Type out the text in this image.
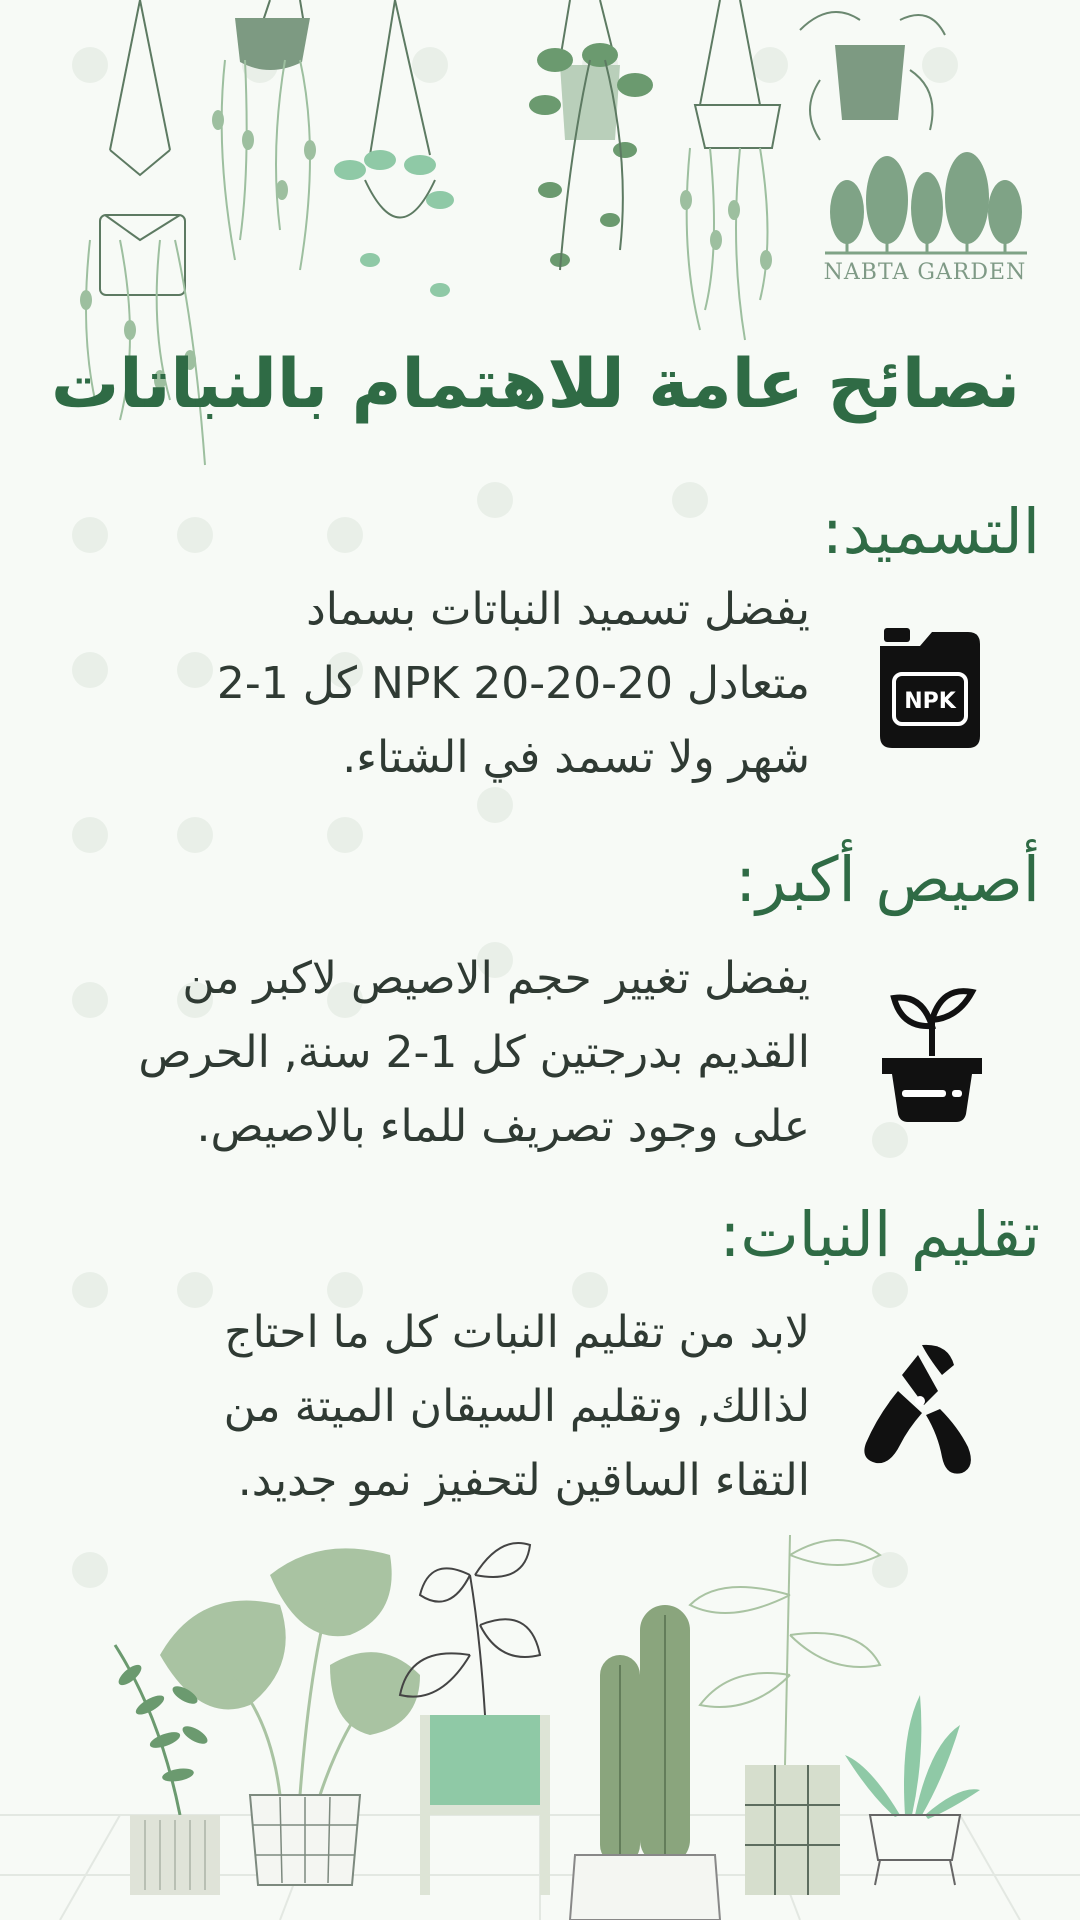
NABTA GARDEN
نصائح عامة للاهتمام بالنباتات
التسميد:
يفضل تسميد النباتات بسماد
متعادل NPK 20-20-20 كل 1-2
شهر ولا تسمد في الشتاء.
NPK
أصيص أكبر:
يفضل تغيير حجم الاصيص لاكبر من
القديم بدرجتين كل 1-2 سنة, الحرص
على وجود تصريف للماء بالاصيص.
تقليم النبات:
لابد من تقليم النبات كل ما احتاج
لذالك, وتقليم السيقان الميتة من
التقاء الساقين لتحفيز نمو جديد.
